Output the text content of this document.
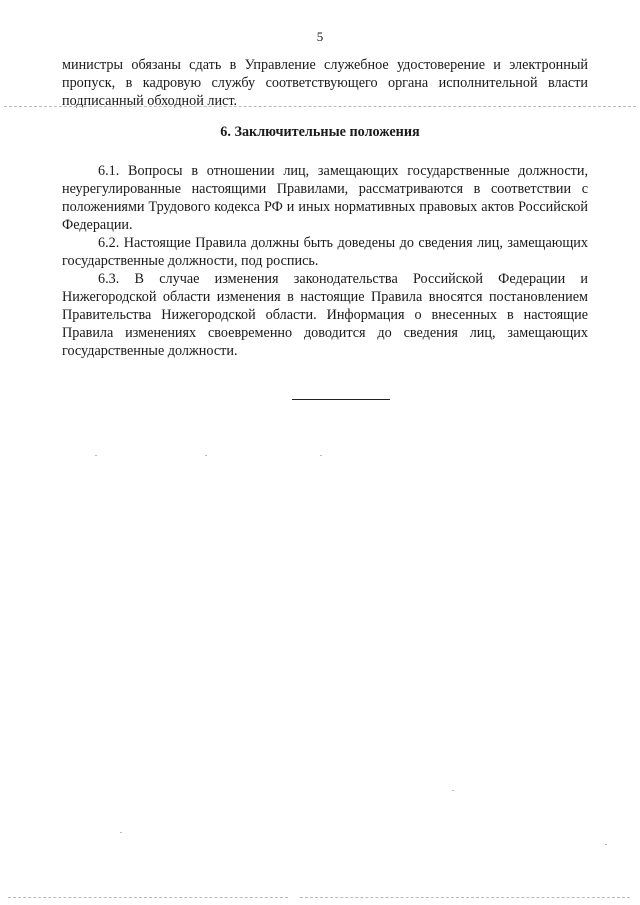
5

министры обязаны сдать в Управление служебное удостоверение и электронный пропуск, в кадровую службу соответствующего органа исполнительной власти подписанный обходной лист.

6. Заключительные положения

6.1. Вопросы в отношении лиц, замещающих государственные должности, неурегулированные настоящими Правилами, рассматриваются в соответствии с положениями Трудового кодекса РФ и иных нормативных правовых актов Российской Федерации.

6.2. Настоящие Правила должны быть доведены до сведения лиц, замещающих государственные должности, под роспись.

6.3. В случае изменения законодательства Российской Федерации и Нижегородской области изменения в настоящие Правила вносятся постановлением Правительства Нижегородской области. Информация о внесенных в настоящие Правила изменениях своевременно доводится до сведения лиц, замещающих государственные должности.
